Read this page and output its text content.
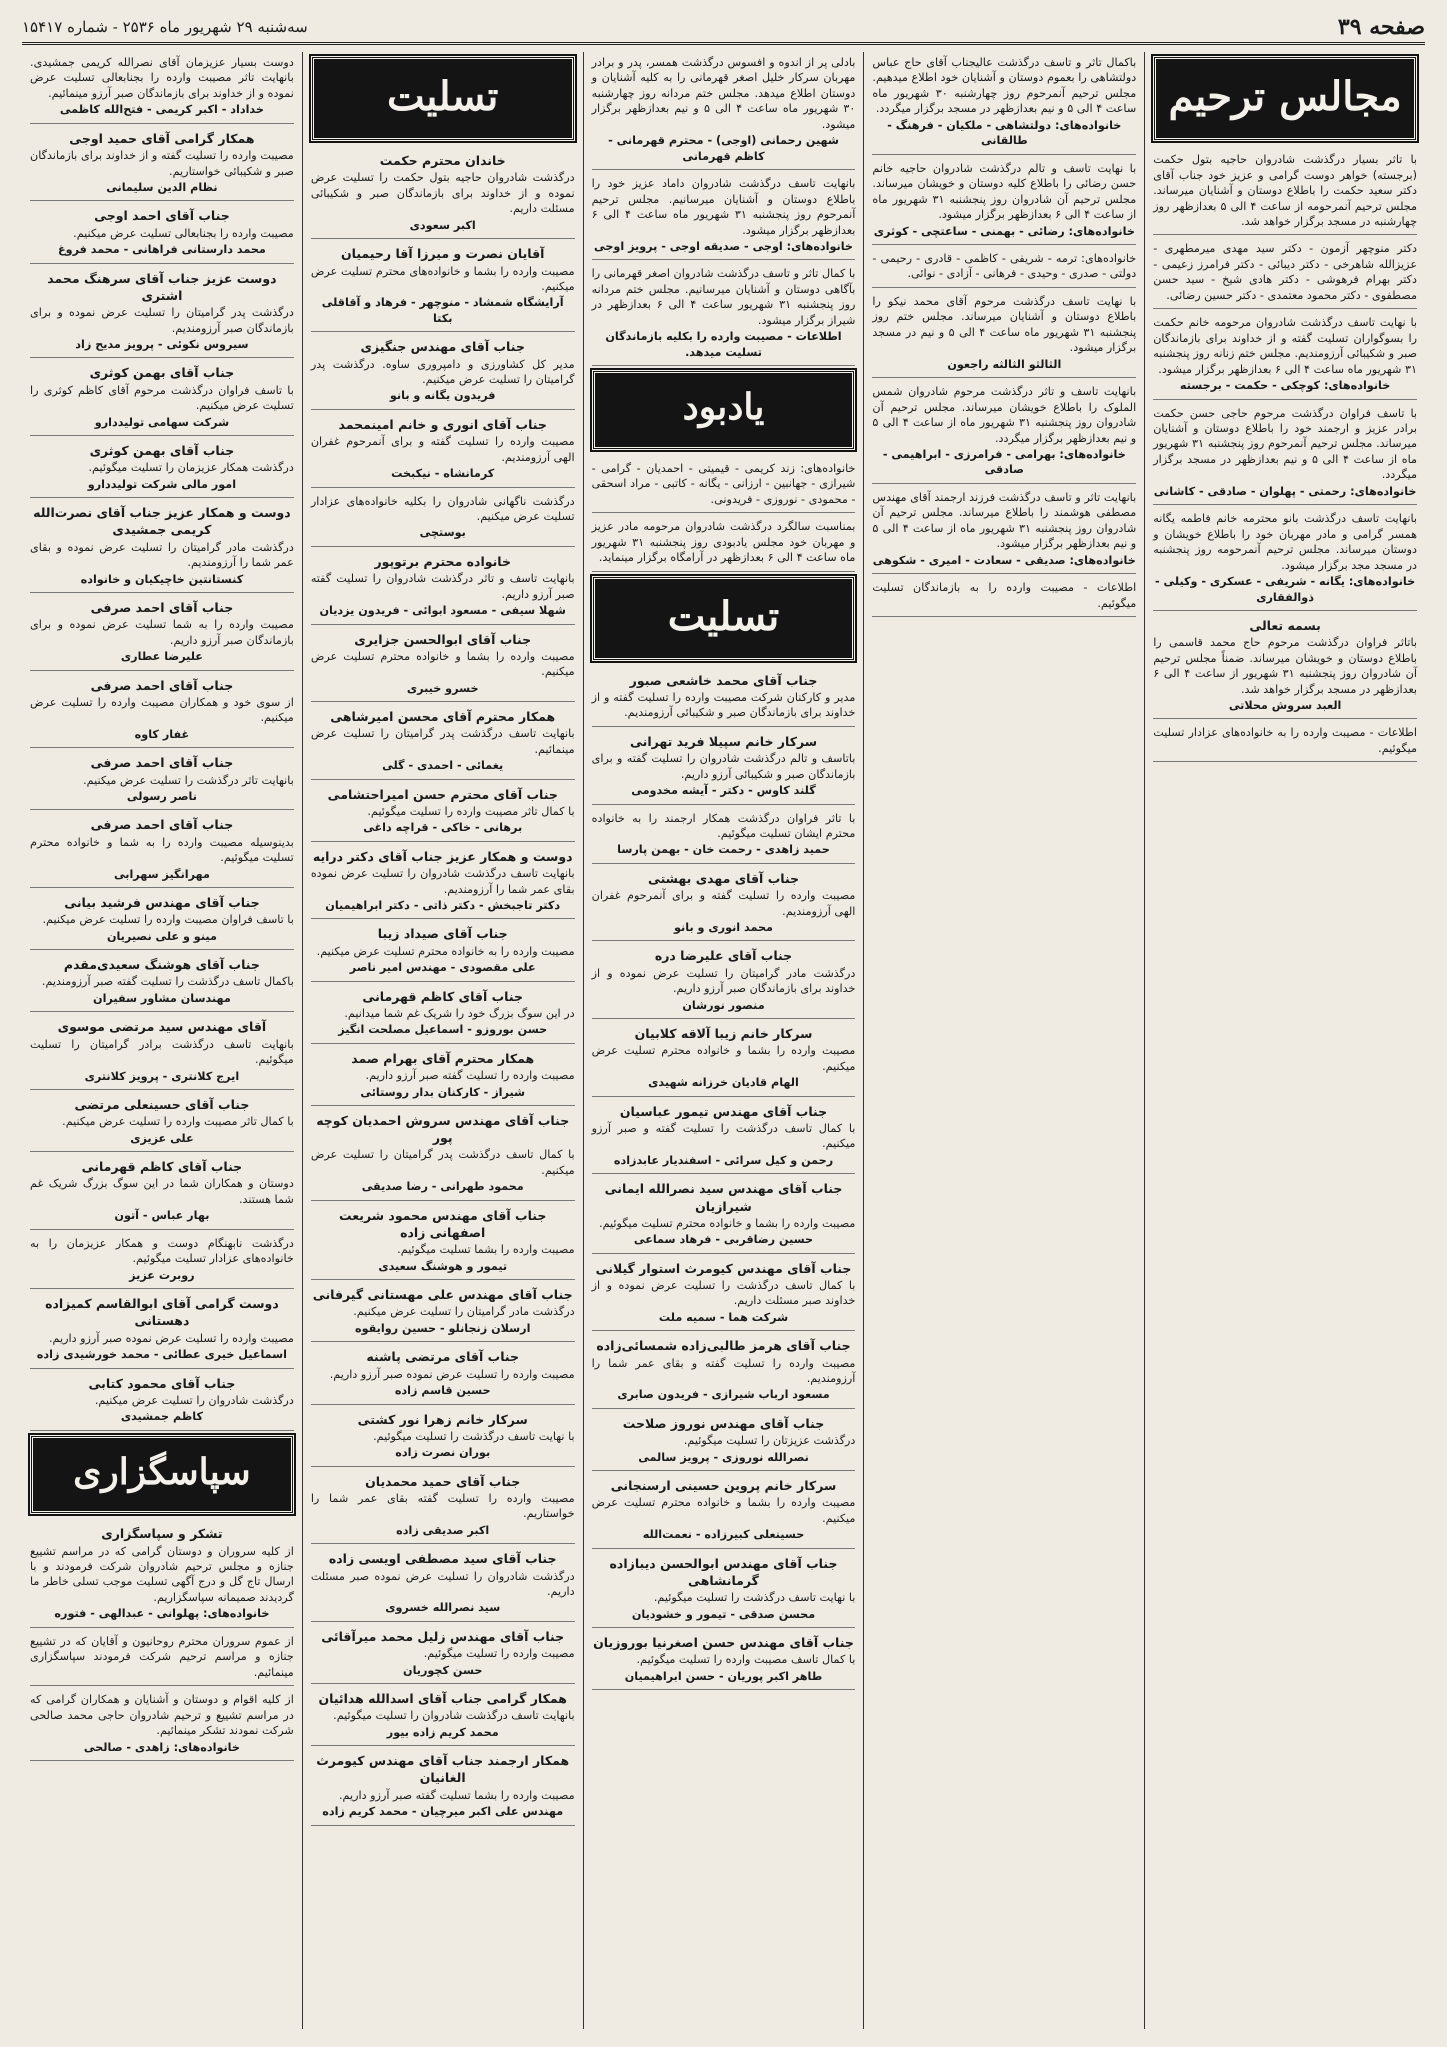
صفحه ۳۹
سه‌شنبه ۲۹ شهریور ماه ۲۵۳۶ - شماره ۱۵۴۱۷
مجالس ترحیم

با تاثر بسیار درگذشت شادروان حاجیه بتول حکمت (برجسته) خواهر دوست گرامی و عزیز خود جناب آقای دکتر سعید حکمت را باطلاع دوستان و آشنایان میرساند. مجلس ترحیم آنمرحومه از ساعت ۴ الی ۵ بعدازظهر روز چهارشنبه در مسجد برگزار خواهد شد.

دکتر منوچهر آزمون - دکتر سید مهدی میرمطهری - عزیزالله شاهرخی - دکتر دیبائی - دکتر فرامرز زعیمی - دکتر بهرام فرهوشی - دکتر هادی شیخ - سید حسن مصطفوی - دکتر محمود معتمدی - دکتر حسین رضائی.

با نهایت تاسف درگذشت شادروان مرحومه خانم حکمت را بسوگواران تسلیت گفته و از خداوند برای بازماندگان صبر و شکیبائی آرزومندیم. مجلس ختم زنانه روز پنجشنبه ۳۱ شهریور ماه ساعت ۴ الی ۶ بعدازظهر برگزار میشود.

خانواده‌های: کوچکی - حکمت - برجسته

با تاسف فراوان درگذشت مرحوم حاجی حسن حکمت برادر عزیز و ارجمند خود را باطلاع دوستان و آشنایان میرساند. مجلس ترحیم آنمرحوم روز پنجشنبه ۳۱ شهریور ماه از ساعت ۴ الی ۵ و نیم بعدازظهر در مسجد برگزار میگردد.

خانواده‌های: رحمتی - پهلوان - صادقی - کاشانی

بانهایت تاسف درگذشت بانو محترمه خانم فاطمه یگانه همسر گرامی و مادر مهربان خود را باطلاع خویشان و دوستان میرساند. مجلس ترحیم آنمرحومه روز پنجشنبه در مسجد مجد برگزار میشود.

خانواده‌های: یگانه - شریفی - عسکری - وکیلی - ذوالفقاری
بسمه تعالی

باتاثر فراوان درگذشت مرحوم حاج محمد قاسمی را باطلاع دوستان و خویشان میرساند. ضمناً مجلس ترحیم آن شادروان روز پنجشنبه ۳۱ شهریور از ساعت ۴ الی ۶ بعدازظهر در مسجد برگزار خواهد شد.

العبد سروش محلاتی

اطلاعات - مصیبت وارده را به خانواده‌های عزادار تسلیت میگوئیم.

باکمال تاثر و تاسف درگذشت عالیجناب آقای حاج عباس دولتشاهی را بعموم دوستان و آشنایان خود اطلاع میدهیم. مجلس ترحیم آنمرحوم روز چهارشنبه ۳۰ شهریور ماه ساعت ۴ الی ۵ و نیم بعدازظهر در مسجد برگزار میگردد.

خانواده‌های: دولتشاهی - ملکیان - فرهنگ - طالقانی

با نهایت تاسف و تالم درگذشت شادروان حاجیه خانم حسن رضائی را باطلاع کلیه دوستان و خویشان میرساند. مجلس ترحیم آن شادروان روز پنجشنبه ۳۱ شهریور ماه از ساعت ۴ الی ۶ بعدازظهر برگزار میشود.

خانواده‌های: رضائی - بهمنی - ساعتچی - کوثری

خانواده‌های: ترمه - شریفی - کاظمی - قادری - رحیمی - دولتی - صدری - وحیدی - فرهانی - آزادی - نوائی.

با نهایت تاسف درگذشت مرحوم آقای محمد نیکو را باطلاع دوستان و آشنایان میرساند. مجلس ختم روز پنجشنبه ۳۱ شهریور ماه ساعت ۴ الی ۵ و نیم در مسجد برگزار میشود.

الثالثو الثالثه راجعون

بانهایت تاسف و تاثر درگذشت مرحوم شادروان شمس الملوک را باطلاع خویشان میرساند. مجلس ترحیم آن شادروان روز پنجشنبه ۳۱ شهریور ماه از ساعت ۴ الی ۵ و نیم بعدازظهر برگزار میگردد.

خانواده‌های: بهرامی - فرامرزی - ابراهیمی - صادقی

بانهایت تاثر و تاسف درگذشت فرزند ارجمند آقای مهندس مصطفی هوشمند را باطلاع میرساند. مجلس ترحیم آن شادروان روز پنجشنبه ۳۱ شهریور ماه از ساعت ۴ الی ۵ و نیم بعدازظهر برگزار میشود.

خانواده‌های: صدیقی - سعادت - امیری - شکوهی

اطلاعات - مصیبت وارده را به بازماندگان تسلیت میگوئیم.

بادلی پر از اندوه و افسوس درگذشت همسر، پدر و برادر مهربان سرکار خلیل اصغر قهرمانی را به کلیه آشنایان و دوستان اطلاع میدهد. مجلس ختم مردانه روز چهارشنبه ۳۰ شهریور ماه ساعت ۴ الی ۵ و نیم بعدازظهر برگزار میشود.

شهین رحمانی (اوجی) - محترم قهرمانی - کاظم قهرمانی

بانهایت تاسف درگذشت شادروان داماد عزیز خود را باطلاع دوستان و آشنایان میرسانیم. مجلس ترحیم آنمرحوم روز پنجشنبه ۳۱ شهریور ماه ساعت ۴ الی ۶ بعدازظهر برگزار میشود.

خانواده‌های: اوجی - صدیقه اوجی - پرویز اوجی

با کمال تاثر و تاسف درگذشت شادروان اصغر قهرمانی را بآگاهی دوستان و آشنایان میرسانیم. مجلس ختم مردانه روز پنجشنبه ۳۱ شهریور ساعت ۴ الی ۶ بعدازظهر در شیراز برگزار میشود.

اطلاعات - مصیبت وارده را بکلیه بازماندگان تسلیت میدهد.
یادبود

خانواده‌های: زند کریمی - قیمیتی - احمدیان - گرامی - شیرازی - جهانبین - ارزانی - یگانه - کاتبی - مراد اسحقی - محمودی - نوروزی - فریدونی.

بمناسبت سالگرد درگذشت شادروان مرحومه مادر عزیز و مهربان خود مجلس یادبودی روز پنجشنبه ۳۱ شهریور ماه ساعت ۴ الی ۶ بعدازظهر در آرامگاه برگزار مینماید.

تسلیت
جناب آقای محمد خاشعی صبور

مدیر و کارکنان شرکت مصیبت وارده را تسلیت گفته و از خداوند برای بازماندگان صبر و شکیبائی آرزومندیم.

سرکار خانم سپیلا فرید تهرانی

باتاسف و تالم درگذشت شادروان را تسلیت گفته و برای بازماندگان صبر و شکیبائی آرزو داریم.

گلند کاوس - دکتر - آیشه مخدومی

با تاثر فراوان درگذشت همکار ارجمند را به خانواده محترم ایشان تسلیت میگوئیم.

حمید زاهدی - رحمت خان - بهمن پارسا
جناب آقای مهدی بهشتی

مصیبت وارده را تسلیت گفته و برای آنمرحوم غفران الهی آرزومندیم.

محمد انوری و بانو
جناب آقای علیرضا دره

درگذشت مادر گرامیتان را تسلیت عرض نموده و از خداوند برای بازماندگان صبر آرزو داریم.

منصور نورشان
سرکار خانم زیبا آلاقه کلابیان

مصیبت وارده را بشما و خانواده محترم تسلیت عرض میکنیم.

الهام قادیان خرزانه شهیدی
جناب آقای مهندس تیمور عباسیان

با کمال تاسف درگذشت را تسلیت گفته و صبر آرزو میکنیم.

رحمن و کیل سرائی - اسفندیار عابدزاده
جناب آقای مهندس سید نصرالله ایمانی شیرازیان

مصیبت وارده را بشما و خانواده محترم تسلیت میگوئیم.

حسین رضاقربی - فرهاد سماعی
جناب آقای مهندس کیومرث استوار گیلانی

با کمال تاسف درگذشت را تسلیت عرض نموده و از خداوند صبر مسئلت داریم.

شرکت هما - سمیه ملت
جناب آقای هرمز طالبی‌زاده شمسائی‌زاده

مصیبت وارده را تسلیت گفته و بقای عمر شما را آرزومندیم.

مسعود ارباب شیرازی - فریدون صابری
جناب آقای مهندس نوروز صلاحت

درگذشت عزیزتان را تسلیت میگوئیم.

نصرالله نوروزی - پرویز سالمی
سرکار خانم پروین حسینی ارسنجانی

مصیبت وارده را بشما و خانواده محترم تسلیت عرض میکنیم.

حسینعلی کبیرزاده - نعمت‌الله
جناب آقای مهندس ابوالحسن دیبازاده گرمانشاهی

با نهایت تاسف درگذشت را تسلیت میگوئیم.

محسن صدقی - تیمور و خشودیان
جناب آقای مهندس حسن اصغرنیا بوروزیان

با کمال تاسف مصیبت وارده را تسلیت میگوئیم.

طاهر اکبر پوریان - حسن ابراهیمیان
تسلیت
خاندان محترم حکمت

درگذشت شادروان حاجیه بتول حکمت را تسلیت عرض نموده و از خداوند برای بازماندگان صبر و شکیبائی مسئلت داریم.

اکبر سعودی
آقایان نصرت و میرزا آقا رحیمیان

مصیبت وارده را بشما و خانواده‌های محترم تسلیت عرض میکنیم.

آرایشگاه شمشاد - منوچهر - فرهاد و آقاقلی بکتا
جناب آقای مهندس جنگیزی

مدیر کل کشاورزی و دامپروری ساوه. درگذشت پدر گرامیتان را تسلیت عرض میکنیم.

فریدون یگانه و بانو
جناب آقای انوری و خانم امینمحمد

مصیبت وارده را تسلیت گفته و برای آنمرحوم غفران الهی آرزومندیم.

کرمانشاه - نیکبخت

درگذشت ناگهانی شادروان را بکلیه خانواده‌های عزادار تسلیت عرض میکنیم.

بوستچی
خانواده محترم برتوپور

بانهایت تاسف و تاثر درگذشت شادروان را تسلیت گفته صبر آرزو داریم.

شهلا سیفی - مسعود ابوائی - فریدون یزدیان
جناب آقای ابوالحسن جزایری

مصیبت وارده را بشما و خانواده محترم تسلیت عرض میکنیم.

خسرو خیبری
همکار محترم آقای محسن امیرشاهی

بانهایت تاسف درگذشت پدر گرامیتان را تسلیت عرض مینمائیم.

یغمائی - احمدی - گلی
جناب آقای محترم حسن امیراحتشامی

با کمال تاثر مصیبت وارده را تسلیت میگوئیم.

برهانی - خاکی - قراچه داغی
دوست و همکار عزیز جناب آقای دکتر درایه

بانهایت تاسف درگذشت شادروان را تسلیت عرض نموده بقای عمر شما را آرزومندیم.

دکتر تاجبخش - دکتر ذاتی - دکتر ابراهیمیان
جناب آقای صیداد زیبا

مصیبت وارده را به خانواده محترم تسلیت عرض میکنیم.

علی مقصودی - مهندس امیر ناصر
جناب آقای کاظم قهرمانی

در این سوگ بزرگ خود را شریک غم شما میدانیم.

حسن بوروزو - اسماعیل مصلحت انگیز
همکار محترم آقای بهرام صمد

مصیبت وارده را تسلیت گفته صبر آرزو داریم.

شیراز - کارکنان بدار روستائی
جناب آقای مهندس سروش احمدیان کوچه پور

با کمال تاسف درگذشت پدر گرامیتان را تسلیت عرض میکنیم.

محمود طهرانی - رضا صدیقی
جناب آقای مهندس محمود شریعت اصفهانی زاده

مصیبت وارده را بشما تسلیت میگوئیم.

تیمور و هوشنگ سعیدی
جناب آقای مهندس علی مهستانی گیرفانی

درگذشت مادر گرامیتان را تسلیت عرض میکنیم.

ارسلان زنجانلو - حسین روایقوه
جناب آقای مرتضی پاشنه

مصیبت وارده را تسلیت عرض نموده صبر آرزو داریم.

حسین قاسم زاده
سرکار خانم زهرا نور کشتی

با نهایت تاسف درگذشت را تسلیت میگوئیم.

بوران نصرت زاده
جناب آقای حمید محمدیان

مصیبت وارده را تسلیت گفته بقای عمر شما را خواستاریم.

اکبر صدیقی زاده
جناب آقای سید مصطفی اویسی زاده

درگذشت شادروان را تسلیت عرض نموده صبر مسئلت داریم.

سید نصرالله خسروی
جناب آقای مهندس زلیل محمد میرآقائی

مصیبت وارده را تسلیت میگوئیم.

حسن کچوریان
همکار گرامی جناب آقای اسدالله هدائیان

بانهایت تاسف درگذشت شادروان را تسلیت میگوئیم.

محمد کریم زاده بیور
همکار ارجمند جناب آقای مهندس کیومرث الغانیان

مصیبت وارده را بشما تسلیت گفته صبر آرزو داریم.

مهندس علی اکبر میرچیان - محمد کریم زاده

دوست بسیار عزیزمان آقای نصرالله کریمی جمشیدی. بانهایت تاثر مصیبت وارده را بجنابعالی تسلیت عرض نموده و از خداوند برای بازماندگان صبر آرزو مینمائیم.

خداداد - اکبر کریمی - فتح‌الله کاظمی
همکار گرامی آقای حمید اوجی

مصیبت وارده را تسلیت گفته و از خداوند برای بازماندگان صبر و شکیبائی خواستاریم.

نظام الدین سلیمانی
جناب آقای احمد اوجی

مصیبت وارده را بجنابعالی تسلیت عرض میکنیم.

محمد دارستانی فراهانی - محمد فروغ
دوست عزیز جناب آقای سرهنگ محمد اشتری

درگذشت پدر گرامیتان را تسلیت عرض نموده و برای بازماندگان صبر آرزومندیم.

سیروس نکوئی - پرویز مدیح زاد
جناب آقای بهمن کوثری

با تاسف فراوان درگذشت مرحوم آقای کاظم کوثری را تسلیت عرض میکنیم.

شرکت سهامی تولیددارو
جناب آقای بهمن کوثری

درگذشت همکار عزیزمان را تسلیت میگوئیم.

امور مالی شرکت تولیددارو
دوست و همکار عزیز جناب آقای نصرت‌الله کریمی جمشیدی

درگذشت مادر گرامیتان را تسلیت عرض نموده و بقای عمر شما را آرزومندیم.

کنستانتین خاچیکیان و خانواده
جناب آقای احمد صرفی

مصیبت وارده را به شما تسلیت عرض نموده و برای بازماندگان صبر آرزو داریم.

علیرضا عطاری
جناب آقای احمد صرفی

از سوی خود و همکاران مصیبت وارده را تسلیت عرض میکنیم.

غفار کاوه
جناب آقای احمد صرفی

بانهایت تاثر درگذشت را تسلیت عرض میکنیم.

ناصر رسولی
جناب آقای احمد صرفی

بدینوسیله مصیبت وارده را به شما و خانواده محترم تسلیت میگوئیم.

مهرانگیز سهرابی
جناب آقای مهندس فرشید بیانی

با تاسف فراوان مصیبت وارده را تسلیت عرض میکنیم.

مینو و علی نصیریان
جناب آقای هوشنگ سعیدی‌مقدم

باکمال تاسف درگذشت را تسلیت گفته صبر آرزومندیم.

مهندسان مشاور سفیران
آقای مهندس سید مرتضی موسوی

بانهایت تاسف درگذشت برادر گرامیتان را تسلیت میگوئیم.

ایرج کلانتری - پرویز کلانتری
جناب آقای حسینعلی مرتضی

با کمال تاثر مصیبت وارده را تسلیت عرض میکنیم.

علی عزیزی
جناب آقای کاظم قهرمانی

دوستان و همکاران شما در این سوگ بزرگ شریک غم شما هستند.

بهار عباس - آتون

درگذشت نابهنگام دوست و همکار عزیزمان را به خانواده‌های عزادار تسلیت میگوئیم.

روبرت عزیز
دوست گرامی آقای ابوالقاسم کمیزاده دهستانی

مصیبت وارده را تسلیت عرض نموده صبر آرزو داریم.

اسماعیل خیری عطائی - محمد خورشیدی زاده
جناب آقای محمود کتابی

درگذشت شادروان را تسلیت عرض میکنیم.

کاظم جمشیدی
سپاسگزاری
تشکر و سپاسگزاری

از کلیه سروران و دوستان گرامی که در مراسم تشییع جنازه و مجلس ترحیم شادروان شرکت فرمودند و با ارسال تاج گل و درج آگهی تسلیت موجب تسلی خاطر ما گردیدند صمیمانه سپاسگزاریم.

خانواده‌های: پهلوانی - عبدالهی - فتوره

از عموم سروران محترم روحانیون و آقایان که در تشییع جنازه و مراسم ترحیم شرکت فرمودند سپاسگزاری مینمائیم.

از کلیه اقوام و دوستان و آشنایان و همکاران گرامی که در مراسم تشییع و ترحیم شادروان حاجی محمد صالحی شرکت نمودند تشکر مینمائیم.

خانواده‌های: زاهدی - صالحی
